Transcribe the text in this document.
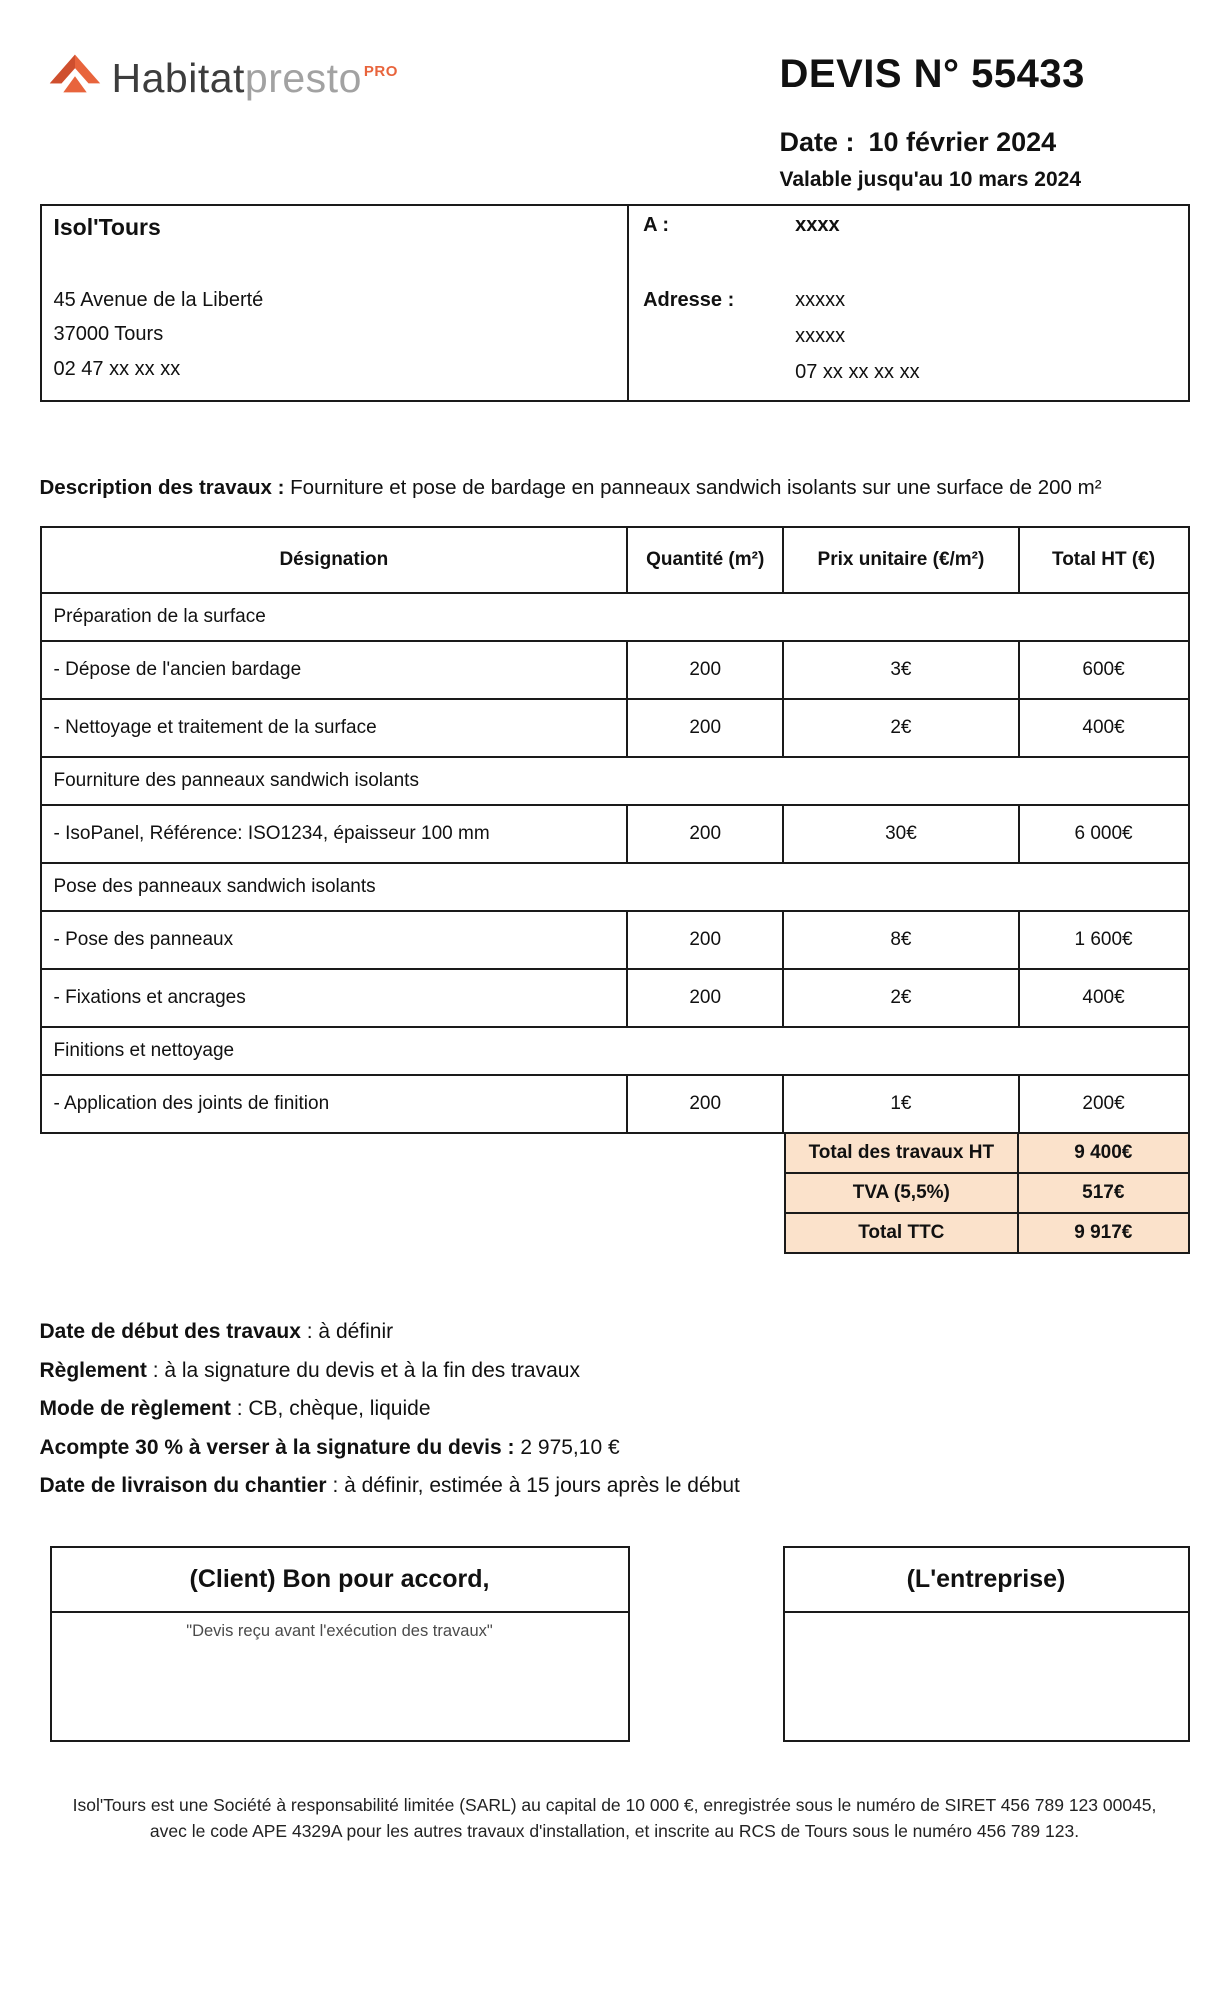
Habitatpresto $^{PRO}$	DEVIS N° 55433
Date : 10 février 2024
Valable jusqu'au 10 mars 2024
Isol'Tours
45 Avenue de la Liberté
37000 Tours
02 47 xx xx xx
A :	xxxx
Adresse :	xxxxx
xxxxx
07 xx xx xx xx
Description des travaux : Fourniture et pose de bardage en panneaux sandwich isolants sur une surface de 200 m²
Désignation	Quantité (m²)	Prix unitaire (€/m²)	Total HT (€)
Préparation de la surface			
- Dépose de l'ancien bardage	200	3€	600€
- Nettoyage et traitement de la surface	200	2€	400€
Fourniture des panneaux sandwich isolants			
- IsoPanel, Référence: ISO1234, épaisseur 100 mm	200	30€	6 000€
Pose des panneaux sandwich isolants			
- Pose des panneaux	200	8€	1 600€
- Fixations et ancrages	200	2€	400€
Finitions et nettoyage			
- Application des joints de finition	200	1€	200€
Total des travaux HT	9 400€
TVA (5,5%)	517€
Total TTC	9 917€
Date de début des travaux : à définir
Règlement : à la signature du devis et à la fin des travaux
Mode de règlement : CB, chèque, liquide
Acompte 30 % à verser à la signature du devis : 2 975,10 €
Date de livraison du chantier : à définir, estimée à 15 jours après le début
(Client) Bon pour accord,
"Devis reçu avant l'exécution des travaux"
(L'entreprise)
Isol'Tours est une Société à responsabilité limitée (SARL) au capital de 10 000 €, enregistrée sous le numéro de SIRET 456 789 123 00045, avec le code APE 4329A pour les autres travaux d'installation, et inscrite au RCS de Tours sous le numéro 456 789 123.
